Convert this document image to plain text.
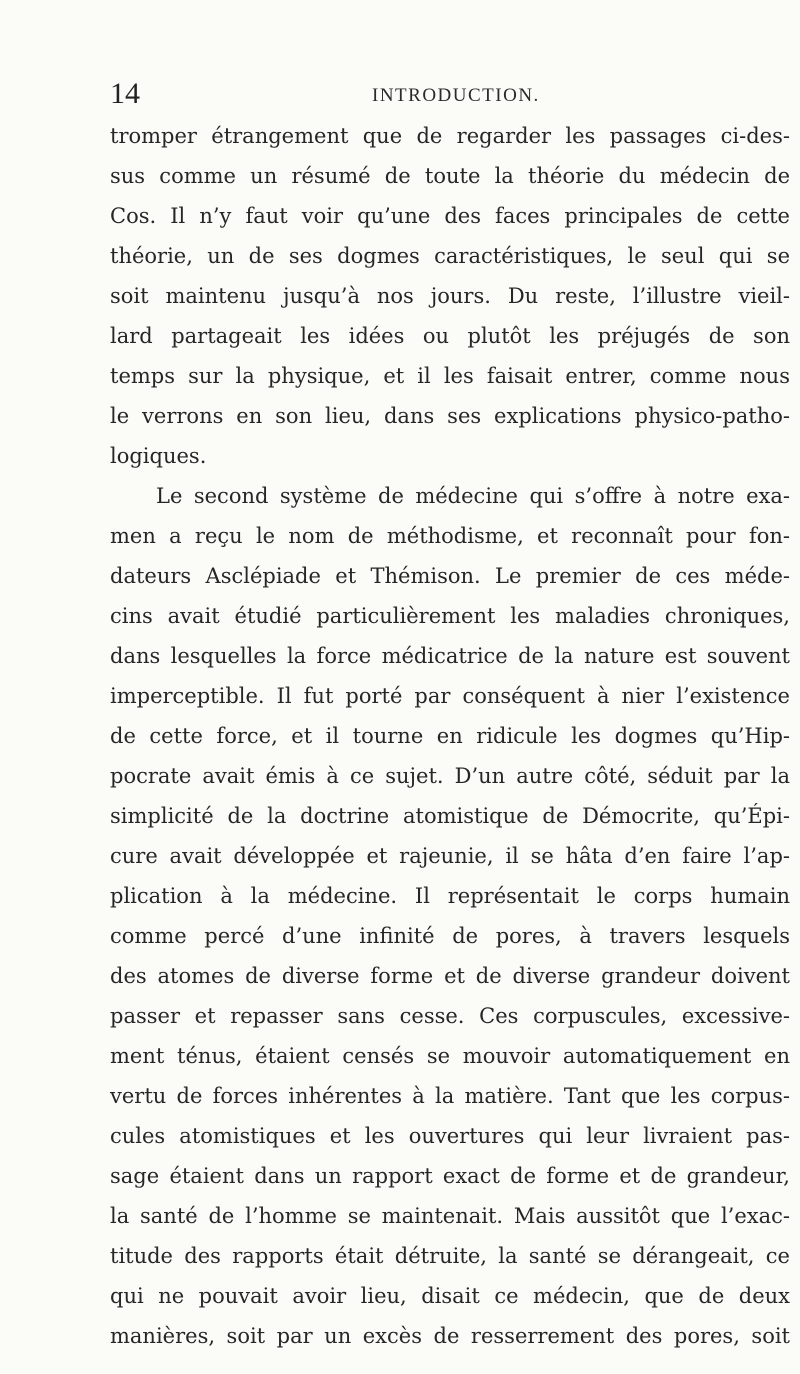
14	INTRODUCTION.
tromper étrangement que de regarder les passages ci-des-
sus comme un résumé de toute la théorie du médecin de
Cos. Il n’y faut voir qu’une des faces principales de cette
théorie, un de ses dogmes caractéristiques, le seul qui se
soit maintenu jusqu’à nos jours. Du reste, l’illustre vieil-
lard partageait les idées ou plutôt les préjugés de son
temps sur la physique, et il les faisait entrer, comme nous
le verrons en son lieu, dans ses explications physico-patho-
logiques.
Le second système de médecine qui s’offre à notre exa-
men a reçu le nom de méthodisme, et reconnaît pour fon-
dateurs Asclépiade et Thémison. Le premier de ces méde-
cins avait étudié particulièrement les maladies chroniques,
dans lesquelles la force médicatrice de la nature est souvent
imperceptible. Il fut porté par conséquent à nier l’existence
de cette force, et il tourne en ridicule les dogmes qu’Hip-
pocrate avait émis à ce sujet. D’un autre côté, séduit par la
simplicité de la doctrine atomistique de Démocrite, qu’Épi-
cure avait développée et rajeunie, il se hâta d’en faire l’ap-
plication à la médecine. Il représentait le corps humain
comme percé d’une infinité de pores, à travers lesquels
des atomes de diverse forme et de diverse grandeur doivent
passer et repasser sans cesse. Ces corpuscules, excessive-
ment ténus, étaient censés se mouvoir automatiquement en
vertu de forces inhérentes à la matière. Tant que les corpus-
cules atomistiques et les ouvertures qui leur livraient pas-
sage étaient dans un rapport exact de forme et de grandeur,
la santé de l’homme se maintenait. Mais aussitôt que l’exac-
titude des rapports était détruite, la santé se dérangeait, ce
qui ne pouvait avoir lieu, disait ce médecin, que de deux
manières, soit par un excès de resserrement des pores, soit
